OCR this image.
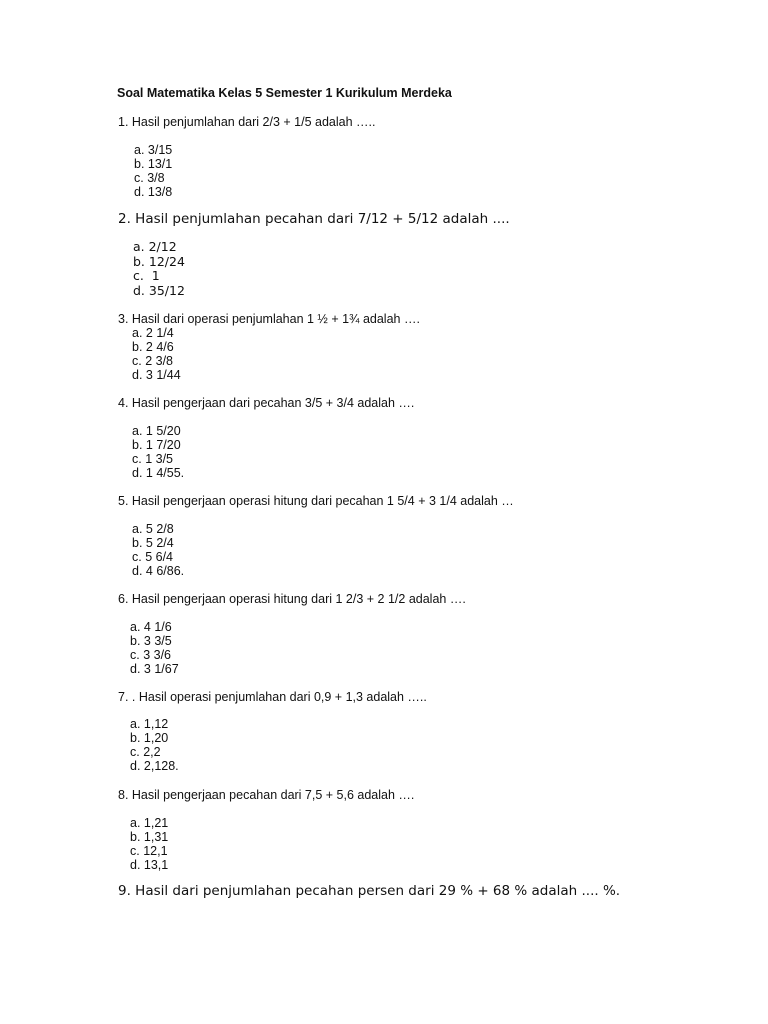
Soal Matematika Kelas 5 Semester 1 Kurikulum Merdeka
1. Hasil penjumlahan dari 2/3 + 1/5 adalah …..
a. 3/15
b. 13/1
c. 3/8
d. 13/8
2. Hasil penjumlahan pecahan dari 7/12 + 5/12 adalah ....
a. 2/12
b. 12/24
c.  1
d. 35/12
3. Hasil dari operasi penjumlahan 1 ½ + 1¾ adalah ….
a. 2 1/4
b. 2 4/6
c. 2 3/8
d. 3 1/44
4. Hasil pengerjaan dari pecahan 3/5 + 3/4 adalah ….
a. 1 5/20
b. 1 7/20
c. 1 3/5
d. 1 4/55.
5. Hasil pengerjaan operasi hitung dari pecahan 1 5/4 + 3 1/4 adalah …
a. 5 2/8
b. 5 2/4
c. 5 6/4
d. 4 6/86.
6. Hasil pengerjaan operasi hitung dari 1 2/3 + 2 1/2 adalah ….
a. 4 1/6
b. 3 3/5
c. 3 3/6
d. 3 1/67
7. . Hasil operasi penjumlahan dari 0,9 + 1,3 adalah …..
a. 1,12
b. 1,20
c. 2,2
d. 2,128.
8. Hasil pengerjaan pecahan dari 7,5 + 5,6 adalah ….
a. 1,21
b. 1,31
c. 12,1
d. 13,1
9. Hasil dari penjumlahan pecahan persen dari 29 % + 68 % adalah .... %.
